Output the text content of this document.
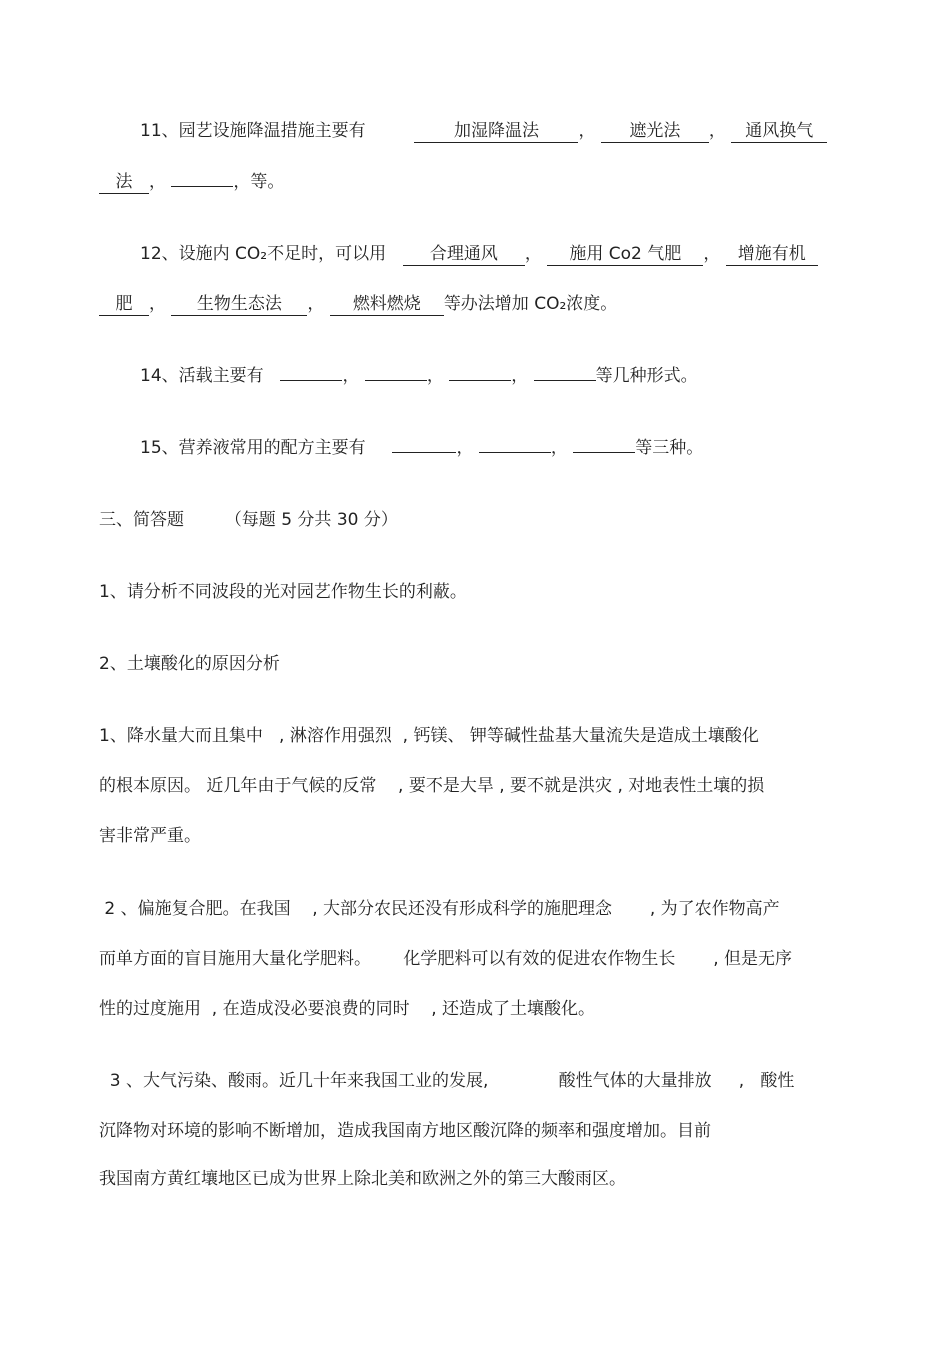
11、园艺设施降温措施主要有	加湿降温法 ， 遮光法 ， 通风换气
法 ，	，等。
12、设施内 CO₂不足时，可以用	合理通风 ， 施用 Co2 气肥 ， 增施有机
肥 ， 生物生态法 ， 燃料燃烧 等办法增加 CO₂浓度。
14、活载主要有	，	，	，	等几种形式。
15、营养液常用的配方主要有	，	，	等三种。
三、简答题 （每题 5 分共 30 分）
1、请分析不同波段的光对园艺作物生长的利蔽。
2、土壤酸化的原因分析
1、降水量大而且集中   , 淋溶作用强烈  , 钙镁、 钾等碱性盐基大量流失是造成土壤酸化
的根本原因。 近几年由于气候的反常    , 要不是大旱 , 要不就是洪灾 , 对地表性土壤的损
害非常严重。
2 、偏施复合肥。在我国    , 大部分农民还没有形成科学的施肥理念       , 为了农作物高产
而单方面的盲目施用大量化学肥料。      化学肥料可以有效的促进农作物生长       , 但是无序
性的过度施用  , 在造成没必要浪费的同时    , 还造成了土壤酸化。
3 、大气污染、酸雨。近几十年来我国工业的发展,             酸性气体的大量排放     ,   酸性
沉降物对环境的影响不断增加，造成我国南方地区酸沉降的频率和强度增加。目前
我国南方黄红壤地区已成为世界上除北美和欧洲之外的第三大酸雨区。
